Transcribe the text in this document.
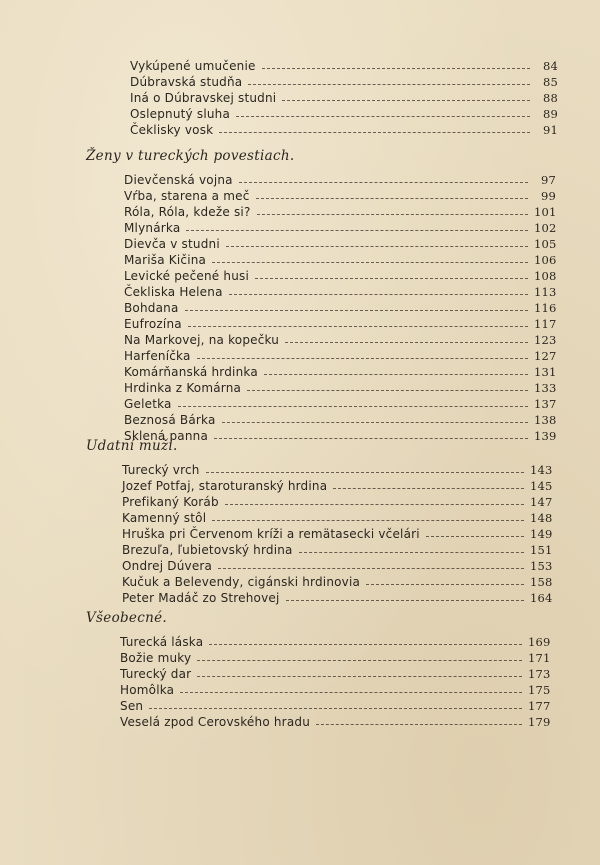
Vykúpené umučenie	84
Dúbravská studňa	85
Iná o Dúbravskej studni	88
Oslepnutý sluha	89
Čeklisky vosk	91
Ženy v tureckých povestiach.
Dievčenská vojna	97
Vŕba, starena a meč	99
Róla, Róla, kdeže si?	101
Mlynárka	102
Dievča v studni	105
Mariša Kičina	106
Levické pečené husi	108
Čekliska Helena	113
Bohdana	116
Eufrozína	117
Na Markovej, na kopečku	123
Harfeníčka	127
Komárňanská hrdinka	131
Hrdinka z Komárna	133
Geletka	137
Beznosá Bárka	138
Sklená panna	139
Udatní muži.
Turecký vrch	143
Jozef Potfaj, staroturanský hrdina	145
Prefikaný Koráb	147
Kamenný stôl	148
Hruška pri Červenom kríži a remätasecki včelári	149
Brezuľa, ľubietovský hrdina	151
Ondrej Dúvera	153
Kučuk a Belevendy, cigánski hrdinovia	158
Peter Madáč zo Strehovej	164
Všeobecné.
Turecká láska	169
Božie muky	171
Turecký dar	173
Homôlka	175
Sen	177
Veselá zpod Cerovského hradu	179
